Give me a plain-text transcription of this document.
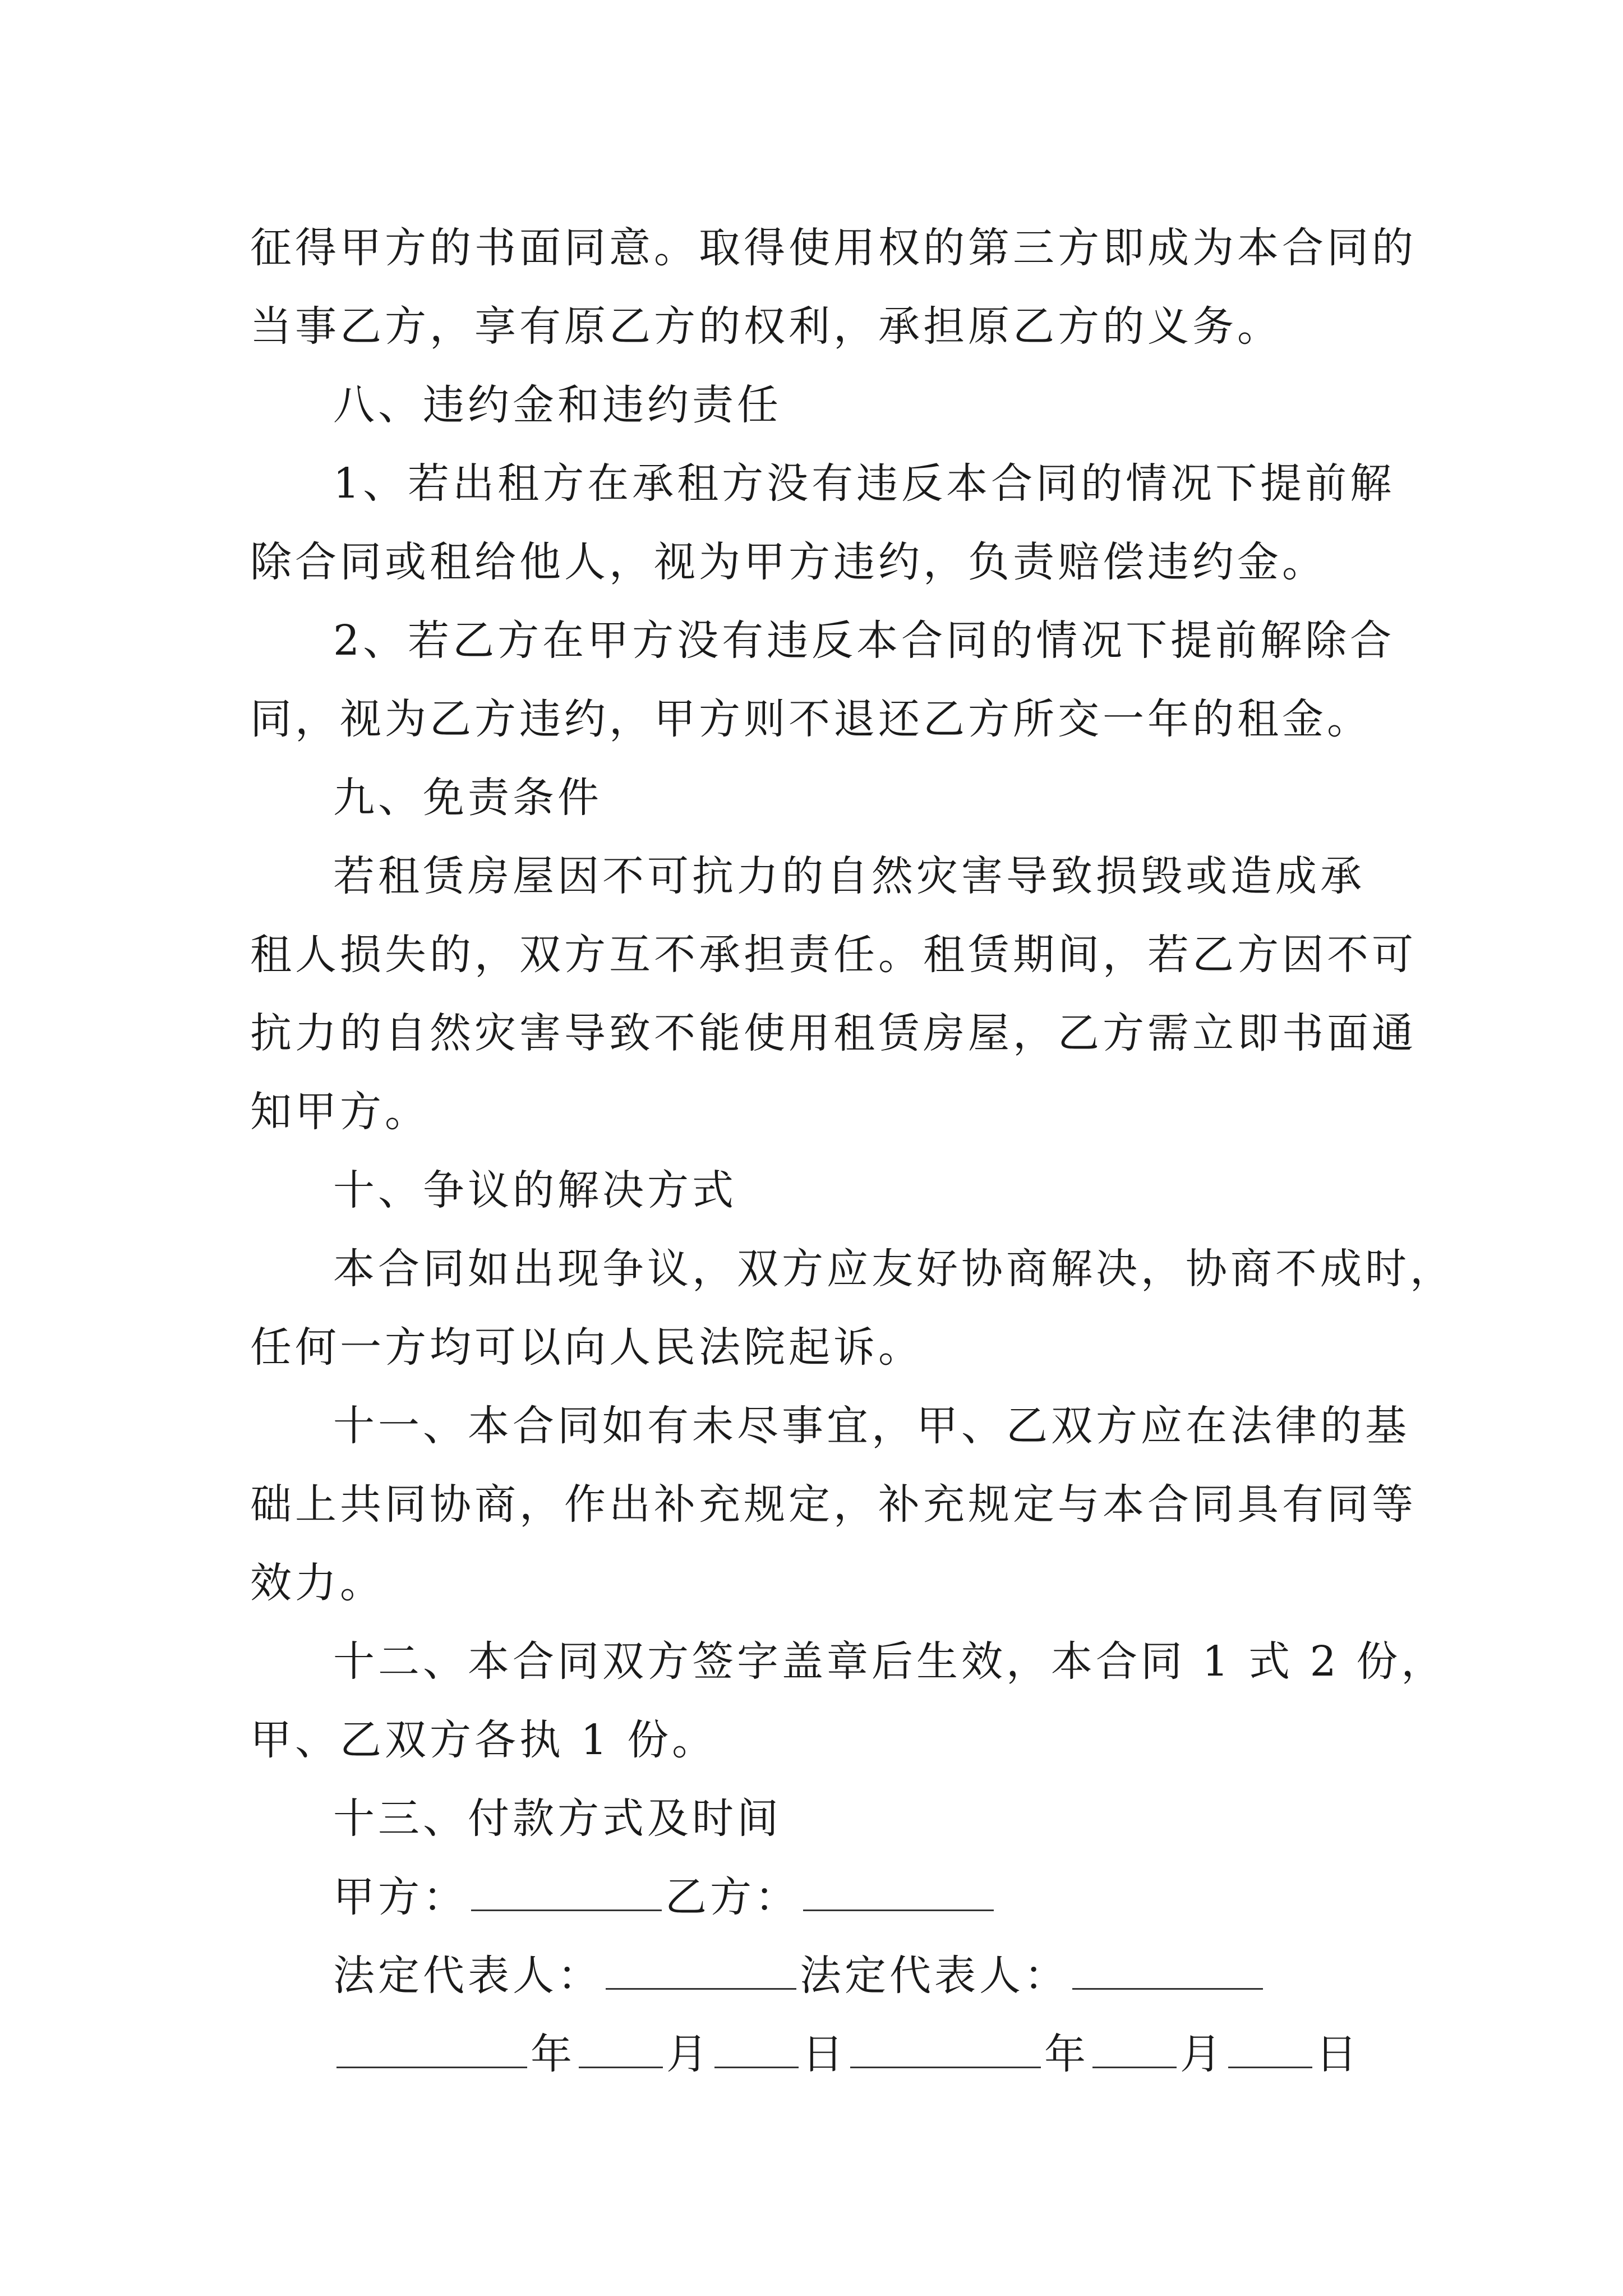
征得甲方的书面同意。取得使用权的第三方即成为本合同的

当事乙方，享有原乙方的权利，承担原乙方的义务。

八、违约金和违约责任

1、若出租方在承租方没有违反本合同的情况下提前解

除合同或租给他人，视为甲方违约，负责赔偿违约金。

2、若乙方在甲方没有违反本合同的情况下提前解除合

同，视为乙方违约，甲方则不退还乙方所交一年的租金。

九、免责条件

若租赁房屋因不可抗力的自然灾害导致损毁或造成承

租人损失的，双方互不承担责任。租赁期间，若乙方因不可

抗力的自然灾害导致不能使用租赁房屋，乙方需立即书面通

知甲方。

十、争议的解决方式

本合同如出现争议，双方应友好协商解决，协商不成时，

任何一方均可以向人民法院起诉。

十一、本合同如有未尽事宜，甲、乙双方应在法律的基

础上共同协商，作出补充规定，补充规定与本合同具有同等

效力。

十二、本合同双方签字盖章后生效，本合同 1 式 2 份，

甲、乙双方各执 1 份。

十三、付款方式及时间

甲方：	乙方：

法定代表人：	法定代表人：

年 月 日	年 月 日
